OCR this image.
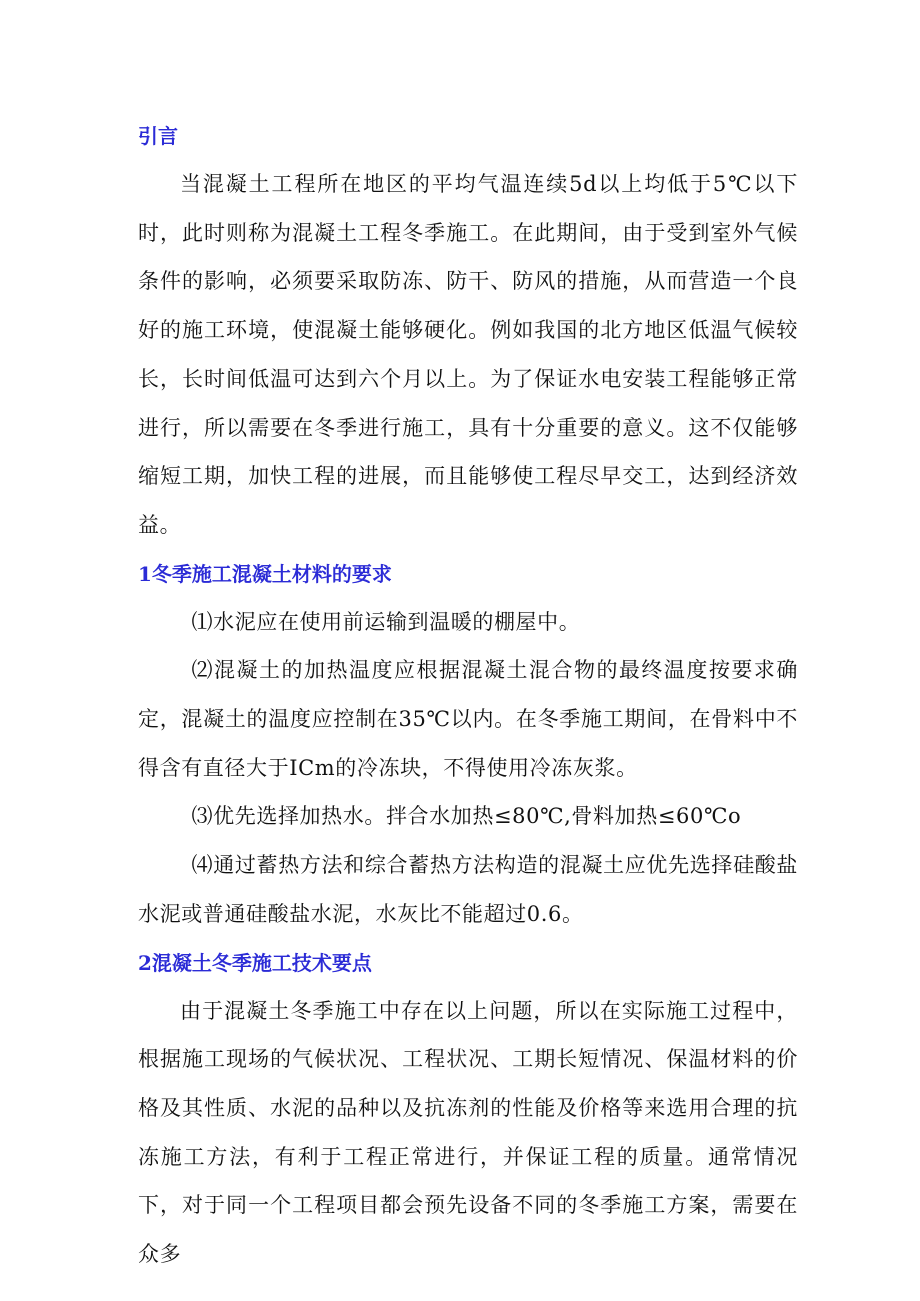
引言

当混凝土工程所在地区的平均气温连续5d以上均低于5℃以下时，此时则称为混凝土工程冬季施工。在此期间，由于受到室外气候条件的影响，必须要采取防冻、防干、防风的措施，从而营造一个良好的施工环境，使混凝土能够硬化。例如我国的北方地区低温气候较长，长时间低温可达到六个月以上。为了保证水电安装工程能够正常进行，所以需要在冬季进行施工，具有十分重要的意义。这不仅能够缩短工期，加快工程的进展，而且能够使工程尽早交工，达到经济效益。

1冬季施工混凝土材料的要求

⑴水泥应在使用前运输到温暖的棚屋中。

⑵混凝土的加热温度应根据混凝土混合物的最终温度按要求确定，混凝土的温度应控制在35℃以内。在冬季施工期间，在骨料中不得含有直径大于ICm的冷冻块，不得使用冷冻灰浆。

⑶优先选择加热水。拌合水加热≤80℃,骨料加热≤60℃o

⑷通过蓄热方法和综合蓄热方法构造的混凝土应优先选择硅酸盐水泥或普通硅酸盐水泥，水灰比不能超过0.6。

2混凝土冬季施工技术要点

由于混凝土冬季施工中存在以上问题，所以在实际施工过程中，根据施工现场的气候状况、工程状况、工期长短情况、保温材料的价格及其性质、水泥的品种以及抗冻剂的性能及价格等来选用合理的抗冻施工方法，有利于工程正常进行，并保证工程的质量。通常情况下，对于同一个工程项目都会预先设备不同的冬季施工方案，需要在众多
